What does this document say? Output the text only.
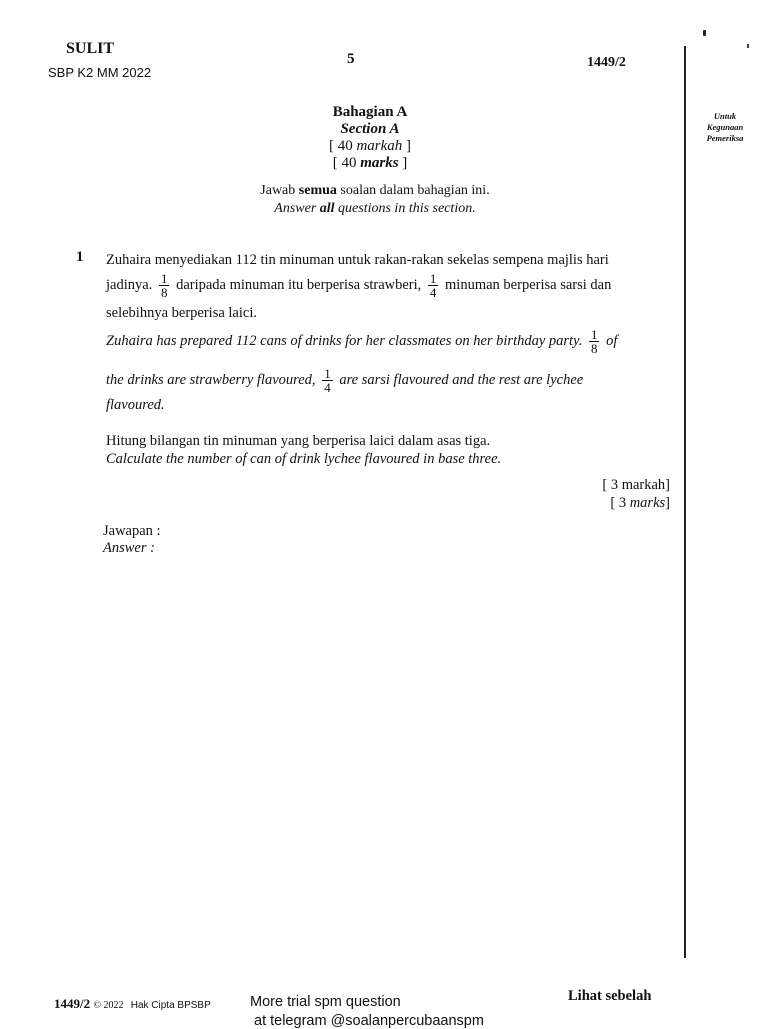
SULIT
SBP K2 MM 2022
5	1449/2
Untuk
Kegunaan
Pemeriksa
Bahagian A
Section A
[ 40 markah ]
[ 40 marks ]
Jawab semua soalan dalam bahagian ini.
Answer all questions in this section.
1 Zuhaira menyediakan 112 tin minuman untuk rakan-rakan sekelas sempena majlis hari
jadinya. $\frac{1}{8}$ daripada minuman itu berperisa strawberi, $\frac{1}{4}$ minuman berperisa sarsi dan
selebihnya berperisa laici.
Zuhaira has prepared 112 cans of drinks for her classmates on her birthday party. $\frac{1}{8}$ of
the drinks are strawberry flavoured, $\frac{1}{4}$ are sarsi flavoured and the rest are lychee
flavoured.
Hitung bilangan tin minuman yang berperisa laici dalam asas tiga.
Calculate the number of can of drink lychee flavoured in base three.
[ 3 markah]
[ 3 marks]
Jawapan :
Answer :
1449/2 © 2022 Hak Cipta BPSBP	More trial spm question
at telegram @soalanpercubaanspm
Lihat sebelah
